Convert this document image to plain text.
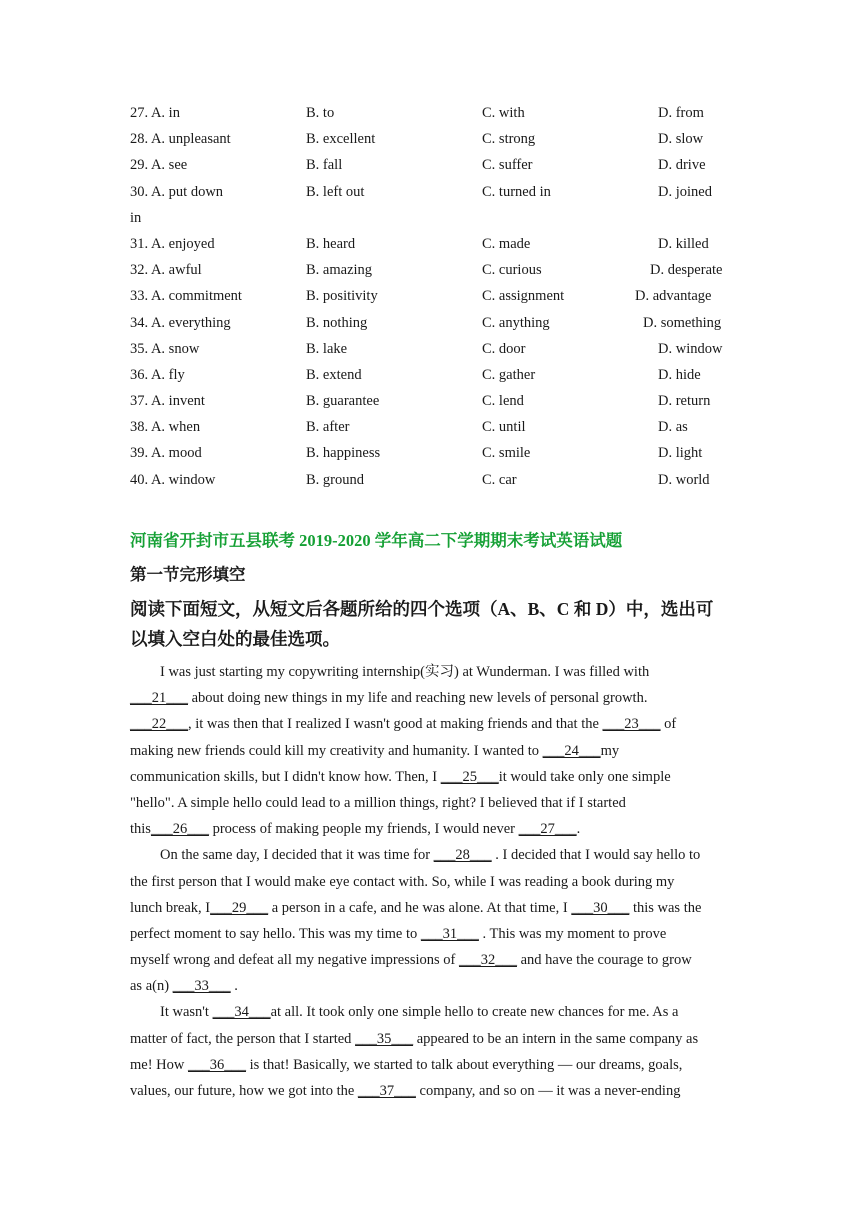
27. A. in	B. to	C. with	D. from
28. A. unpleasant	B. excellent	C. strong	D. slow
29. A. see	B. fall	C. suffer	D. drive
30. A. put down	B. left out	C. turned in	D. joined
in
31. A. enjoyed	B. heard	C. made	D. killed
32. A. awful	B. amazing	C. curious	D. desperate
33. A. commitment	B. positivity	C. assignment	D. advantage
34. A. everything	B. nothing	C. anything	D. something
35. A. snow	B. lake	C. door	D. window
36. A. fly	B. extend	C. gather	D. hide
37. A. invent	B. guarantee	C. lend	D. return
38. A. when	B. after	C. until	D. as
39. A. mood	B. happiness	C. smile	D. light
40. A. window	B. ground	C. car	D. world
河南省开封市五县联考 2019-2020 学年高二下学期期末考试英语试题
第一节完形填空
阅读下面短文，从短文后各题所给的四个选项（A、B、C 和 D）中，选出可以填入空白处的最佳选项。
I was just starting my copywriting internship(实习) at Wunderman. I was filled with
___21___ about doing new things in my life and reaching new levels of personal growth.
___22___, it was then that I realized I wasn't good at making friends and that the ___23___ of
making new friends could kill my creativity and humanity. I wanted to ___24___my
communication skills, but I didn't know how. Then, I ___25___it would take only one simple
"hello". A simple hello could lead to a million things, right? I believed that if I started
this___26___ process of making people my friends, I would never ___27___.
On the same day, I decided that it was time for ___28___ . I decided that I would say hello to
the first person that I would make eye contact with. So, while I was reading a book during my
lunch break, I___29___ a person in a cafe, and he was alone. At that time, I ___30___ this was the
perfect moment to say hello. This was my time to ___31___ . This was my moment to prove
myself wrong and defeat all my negative impressions of ___32___ and have the courage to grow
as a(n) ___33___ .
It wasn't ___34___at all. It took only one simple hello to create new chances for me. As a
matter of fact, the person that I started ___35___ appeared to be an intern in the same company as
me! How ___36___ is that! Basically, we started to talk about everything — our dreams, goals,
values, our future, how we got into the ___37___ company, and so on — it was a never-ending
